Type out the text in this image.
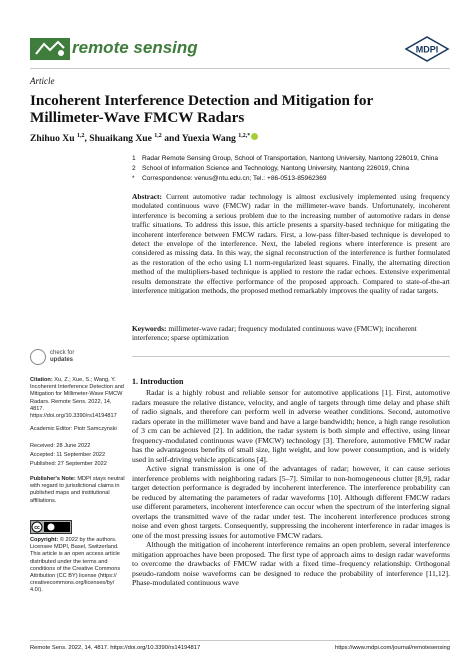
remote sensing	MDPI
Article
Incoherent Interference Detection and Mitigation for Millimeter-Wave FMCW Radars
Zhihuo Xu $^{1,2}$, Shuaikang Xue $^{1,2}$ and Yuexia Wang $^{1,2,*}$
1 Radar Remote Sensing Group, School of Transportation, Nantong University, Nantong 226019, China
2 School of Information Science and Technology, Nantong University, Nantong 226019, China
* Correspondence: venus@ntu.edu.cn; Tel.: +86-0513-85962369
Abstract: Current automotive radar technology is almost exclusively implemented using frequency modulated continuous wave (FMCW) radar in the millimeter-wave bands. Unfortunately, incoherent interference is becoming a serious problem due to the increasing number of automotive radars in dense traffic situations. To address this issue, this article presents a sparsity-based technique for mitigating the incoherent interference between FMCW radars. First, a low-pass filter-based technique is developed to detect the envelope of the interference. Next, the labeled regions where interference is present are considered as missing data. In this way, the signal reconstruction of the interference is further formulated as the restoration of the echo using L1 norm-regularized least squares. Finally, the alternating direction method of the multipliers-based technique is applied to restore the radar echoes. Extensive experimental results demonstrate the effective performance of the proposed approach. Compared to state-of-the-art interference mitigation methods, the proposed method remarkably improves the quality of radar targets.
Keywords: millimeter-wave radar; frequency modulated continuous wave (FMCW); incoherent interference; sparse optimization
check for
updates
Citation: Xu, Z.; Xue, S.; Wang, Y. Incoherent Interference Detection and Mitigation for Millimeter-Wave FMCW Radars. Remote Sens. 2022, 14, 4817. https://doi.org/10.3390/rs14194817
Academic Editor: Piotr Samczynski
Received: 28 June 2022
Accepted: 11 September 2022
Published: 27 September 2022
Publisher's Note: MDPI stays neutral with regard to jurisdictional claims in published maps and institutional affiliations.
cc
Copyright: © 2022 by the authors. Licensee MDPI, Basel, Switzerland. This article is an open access article distributed under the terms and conditions of the Creative Commons Attribution (CC BY) license (https:// creativecommons.org/licenses/by/ 4.0/).
1. Introduction

Radar is a highly robust and reliable sensor for automotive applications [1]. First, automotive radars measure the relative distance, velocity, and angle of targets through time delay and phase shift of radio signals, and therefore can perform well in adverse weather conditions. Second, automotive radars operate in the millimeter wave band and have a large bandwidth; hence, a high range resolution of 3 cm can be achieved [2]. In addition, the radar system is both simple and effective, using linear frequency-modulated continuous wave (FMCW) technology [3]. Therefore, automotive FMCW radar has the advantageous benefits of small size, light weight, and low power consumption, and is widely used in self-driving vehicle applications [4].

Active signal transmission is one of the advantages of radar; however, it can cause serious interference problems with neighboring radars [5–7]. Similar to non-homogeneous clutter [8,9], radar target detection performance is degraded by incoherent interference. The interference probability can be reduced by alternating the parameters of radar waveforms [10]. Although different FMCW radars use different parameters, incoherent interference can occur when the spectrum of the interfering signal overlaps the transmitted wave of the radar under test. The incoherent interference produces strong noise and even ghost targets. Consequently, suppressing the incoherent interference in radar images is one of the most pressing issues for automotive FMCW radars.

Although the mitigation of incoherent interference remains an open problem, several interference mitigation approaches have been proposed. The first type of approach aims to design radar waveforms to overcome the drawbacks of FMCW radar with a fixed time–frequency relationship. Orthogonal pseudo-random noise waveforms can be designed to reduce the probability of interference [11,12]. Phase-modulated continuous wave

Remote Sens. 2022, 14, 4817. https://doi.org/10.3390/rs14194817	https://www.mdpi.com/journal/remotesensing
